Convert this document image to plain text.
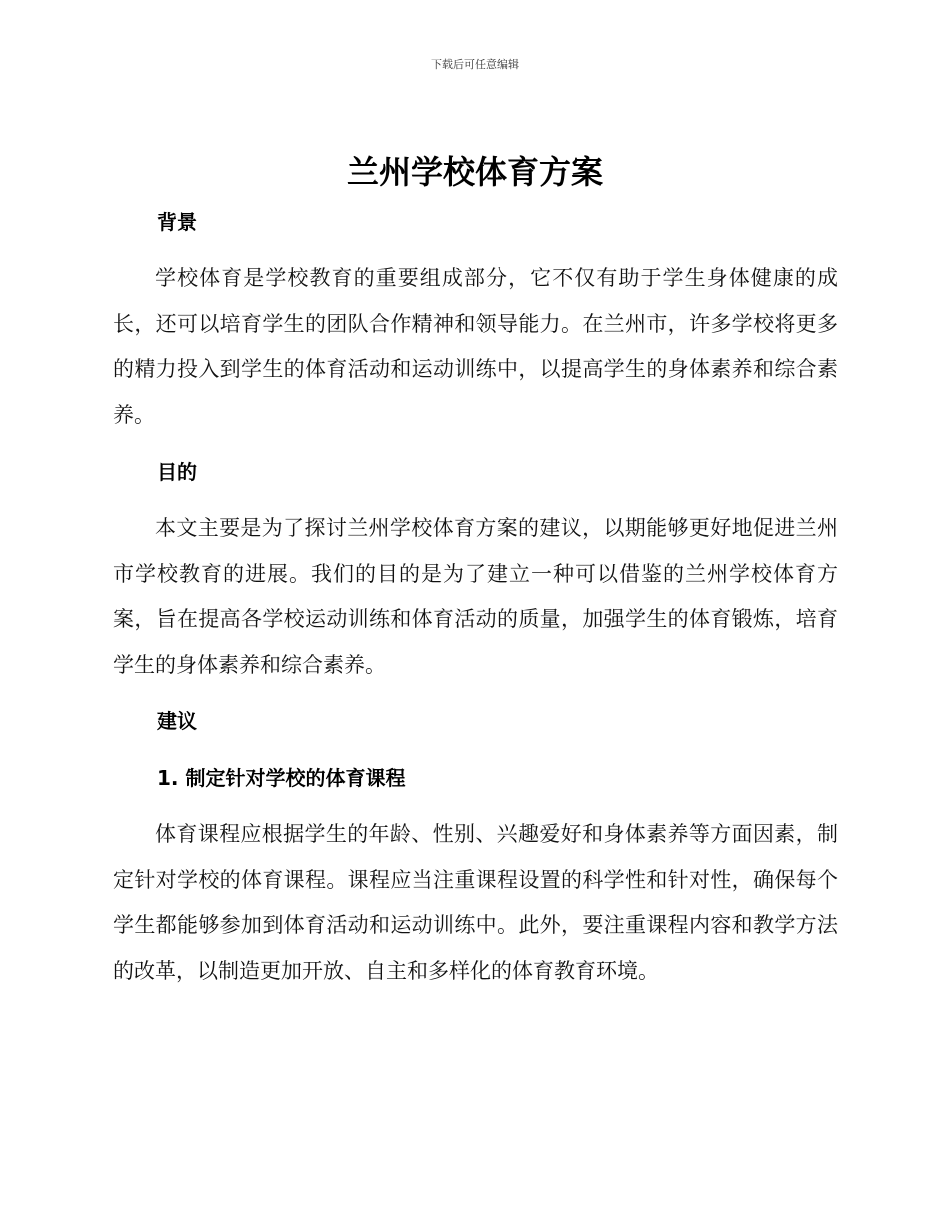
下载后可任意编辑
兰州学校体育方案
背景

学校体育是学校教育的重要组成部分，它不仅有助于学生身体健康的成长，还可以培育学生的团队合作精神和领导能力。在兰州市，许多学校将更多的精力投入到学生的体育活动和运动训练中，以提高学生的身体素养和综合素养。

目的

本文主要是为了探讨兰州学校体育方案的建议，以期能够更好地促进兰州市学校教育的进展。我们的目的是为了建立一种可以借鉴的兰州学校体育方案，旨在提高各学校运动训练和体育活动的质量，加强学生的体育锻炼，培育学生的身体素养和综合素养。

建议
1. 制定针对学校的体育课程

体育课程应根据学生的年龄、性别、兴趣爱好和身体素养等方面因素，制定针对学校的体育课程。课程应当注重课程设置的科学性和针对性，确保每个学生都能够参加到体育活动和运动训练中。此外，要注重课程内容和教学方法的改革，以制造更加开放、自主和多样化的体育教育环境。
